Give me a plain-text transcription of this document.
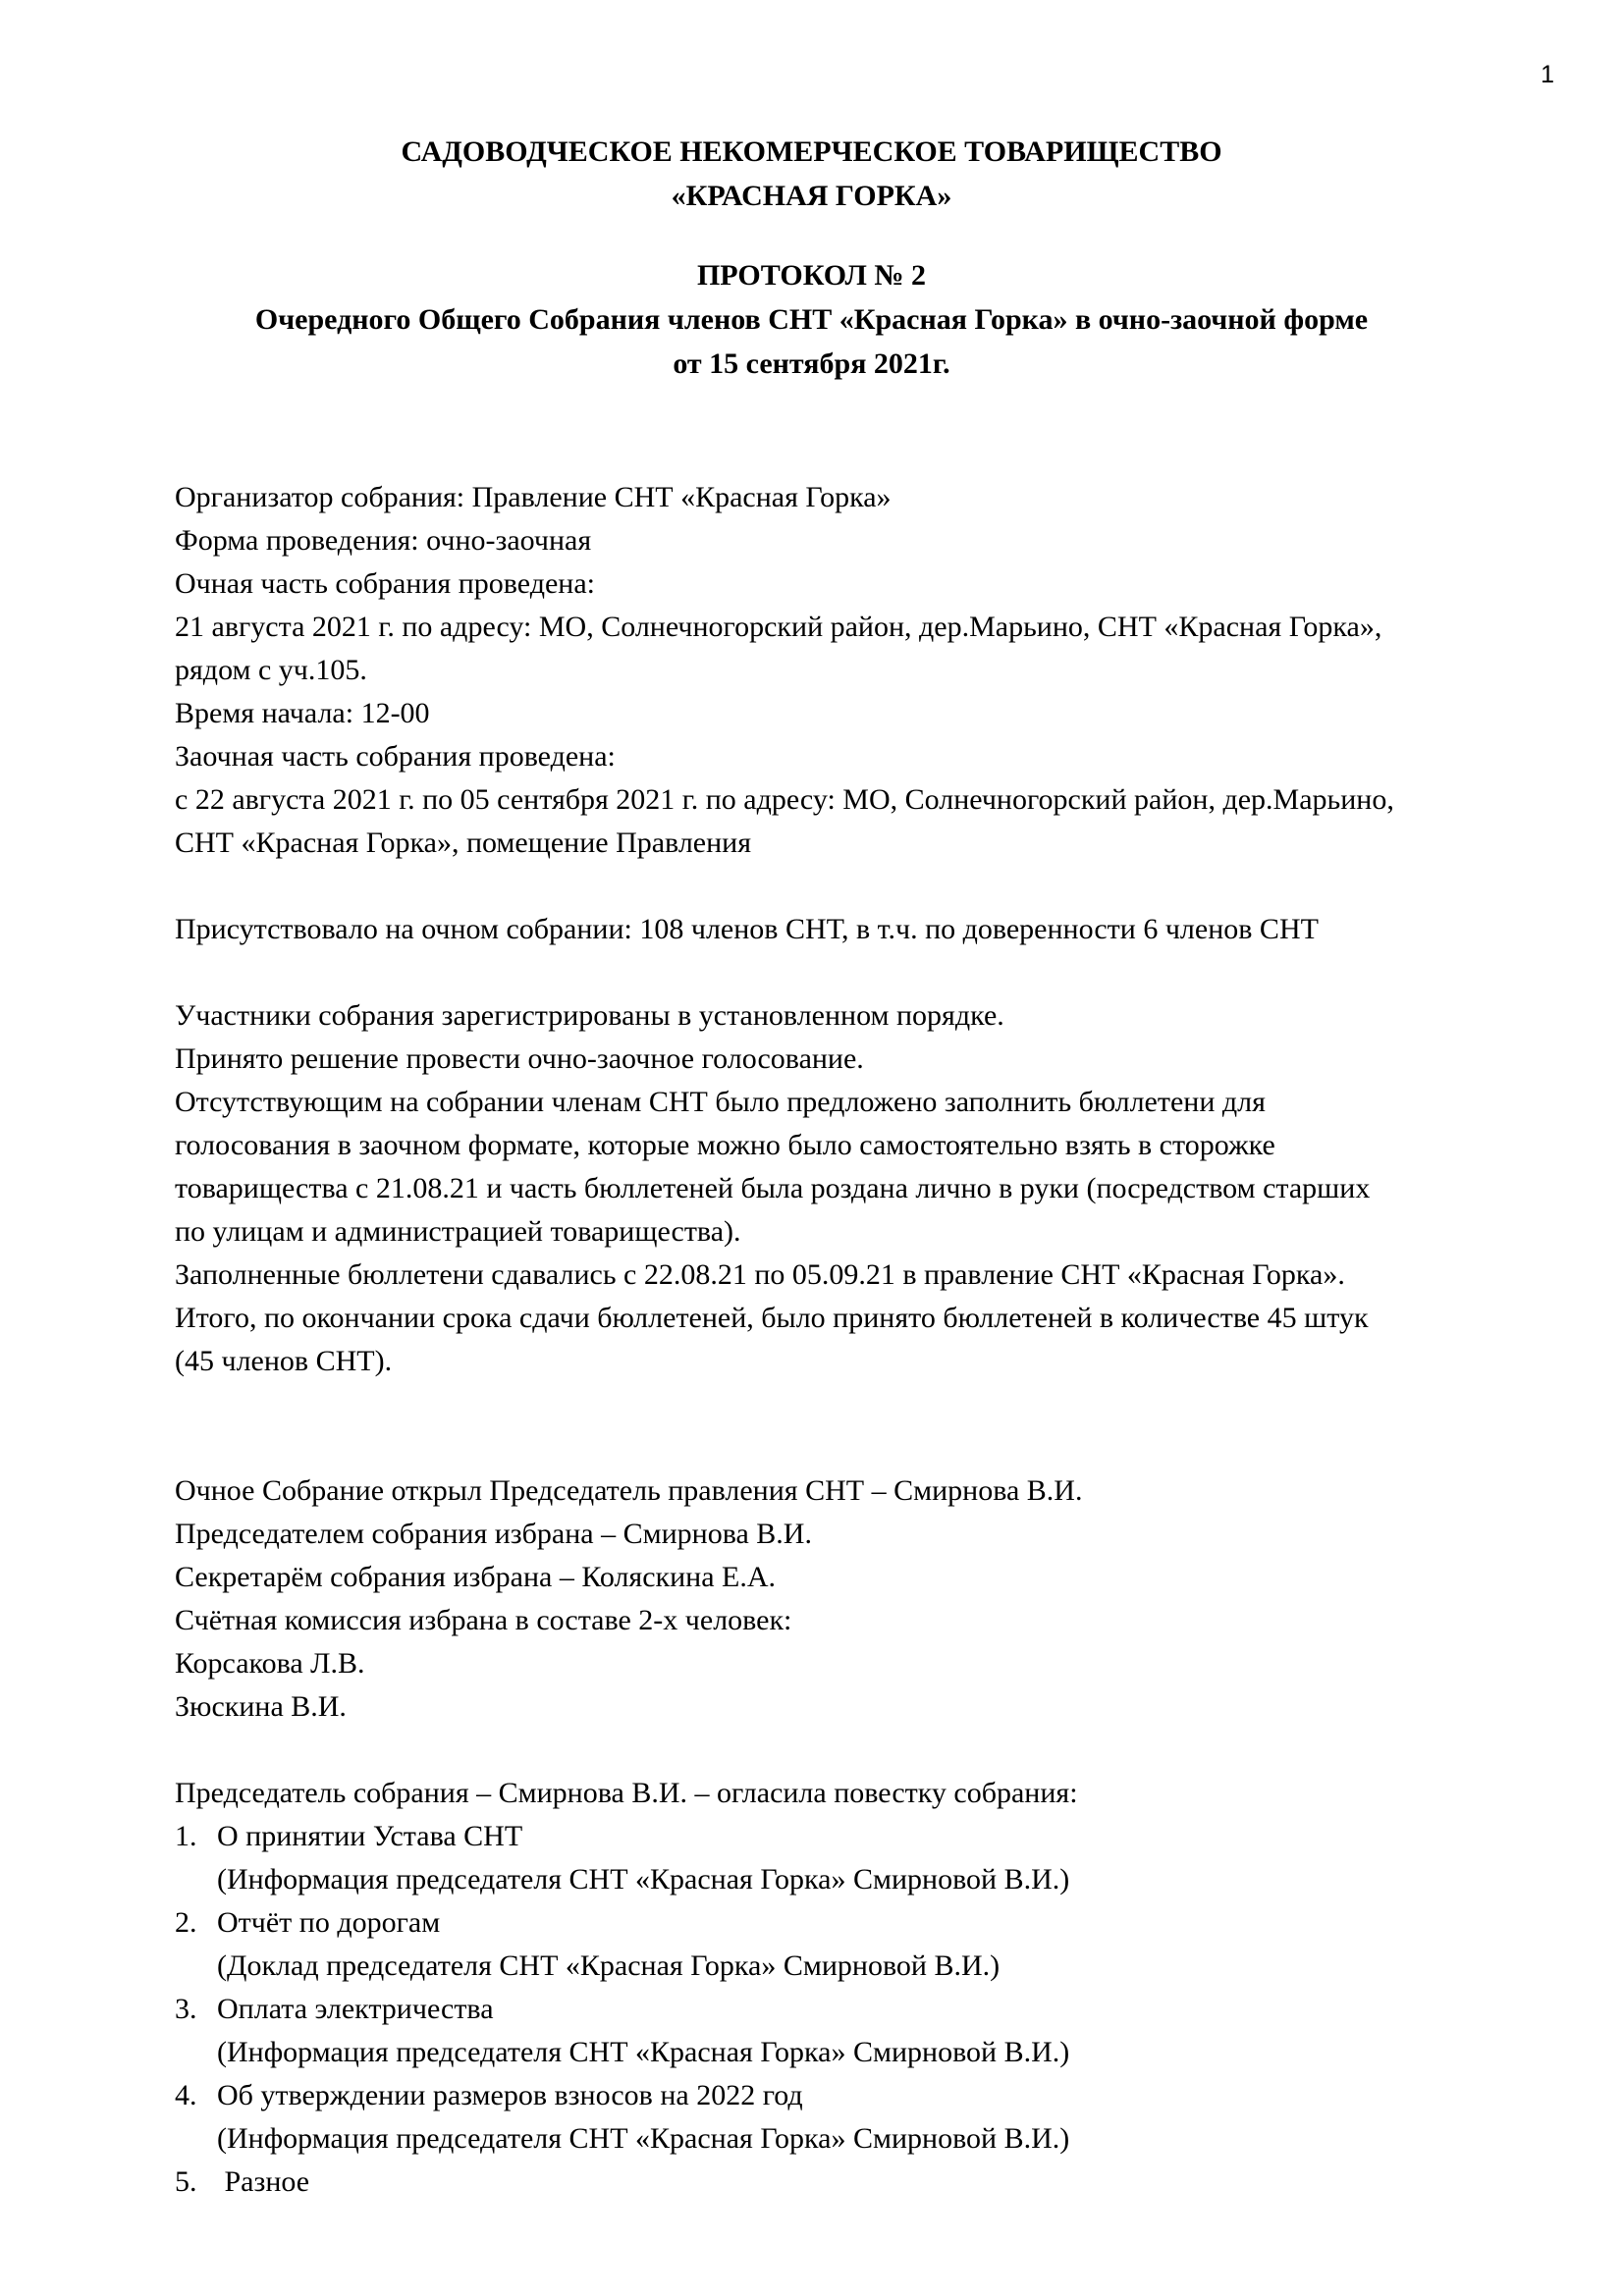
1
САДОВОДЧЕСКОЕ НЕКОМЕРЧЕСКОЕ ТОВАРИЩЕСТВО
«КРАСНАЯ ГОРКА»
ПРОТОКОЛ № 2
Очередного Общего Собрания членов СНТ «Красная Горка» в очно-заочной форме
от 15 сентября 2021г.

Организатор собрания: Правление СНТ «Красная Горка»

Форма проведения: очно-заочная

Очная часть собрания проведена:

21 августа 2021 г. по адресу: МО, Солнечногорский район, дер.Марьино, СНТ «Красная Горка»,

рядом с уч.105.

Время начала: 12-00

Заочная часть собрания проведена:

с 22 августа 2021 г. по 05 сентября 2021 г. по адресу: МО, Солнечногорский район, дер.Марьино,

СНТ «Красная Горка», помещение Правления

Присутствовало на очном собрании: 108 членов СНТ, в т.ч. по доверенности 6 членов СНТ

Участники собрания зарегистрированы в установленном порядке.

Принято решение провести очно-заочное голосование.

Отсутствующим на собрании членам СНТ было предложено заполнить бюллетени для

голосования в заочном формате, которые можно было самостоятельно взять в сторожке

товарищества с 21.08.21 и часть бюллетеней была роздана лично в руки (посредством старших

по улицам и администрацией товарищества).

Заполненные бюллетени сдавались с 22.08.21 по 05.09.21 в правление СНТ «Красная Горка».

Итого, по окончании срока сдачи бюллетеней, было принято бюллетеней в количестве 45 штук

(45 членов СНТ).

Очное Собрание открыл Председатель правления СНТ – Смирнова В.И.

Председателем собрания избрана – Смирнова В.И.

Секретарём собрания избрана – Коляскина Е.А.

Счётная комиссия избрана в составе 2-х человек:

Корсакова Л.В.

Зюскина В.И.

Председатель собрания – Смирнова В.И. – огласила повестку собрания:

1. О принятии Устава СНТ
(Информация председателя СНТ «Красная Горка» Смирновой В.И.)
2. Отчёт по дорогам
(Доклад председателя СНТ «Красная Горка» Смирновой В.И.)
3. Оплата электричества
(Информация председателя СНТ «Красная Горка» Смирновой В.И.)
4. Об утверждении размеров взносов на 2022 год
(Информация председателя СНТ «Красная Горка» Смирновой В.И.)
5. Разное
